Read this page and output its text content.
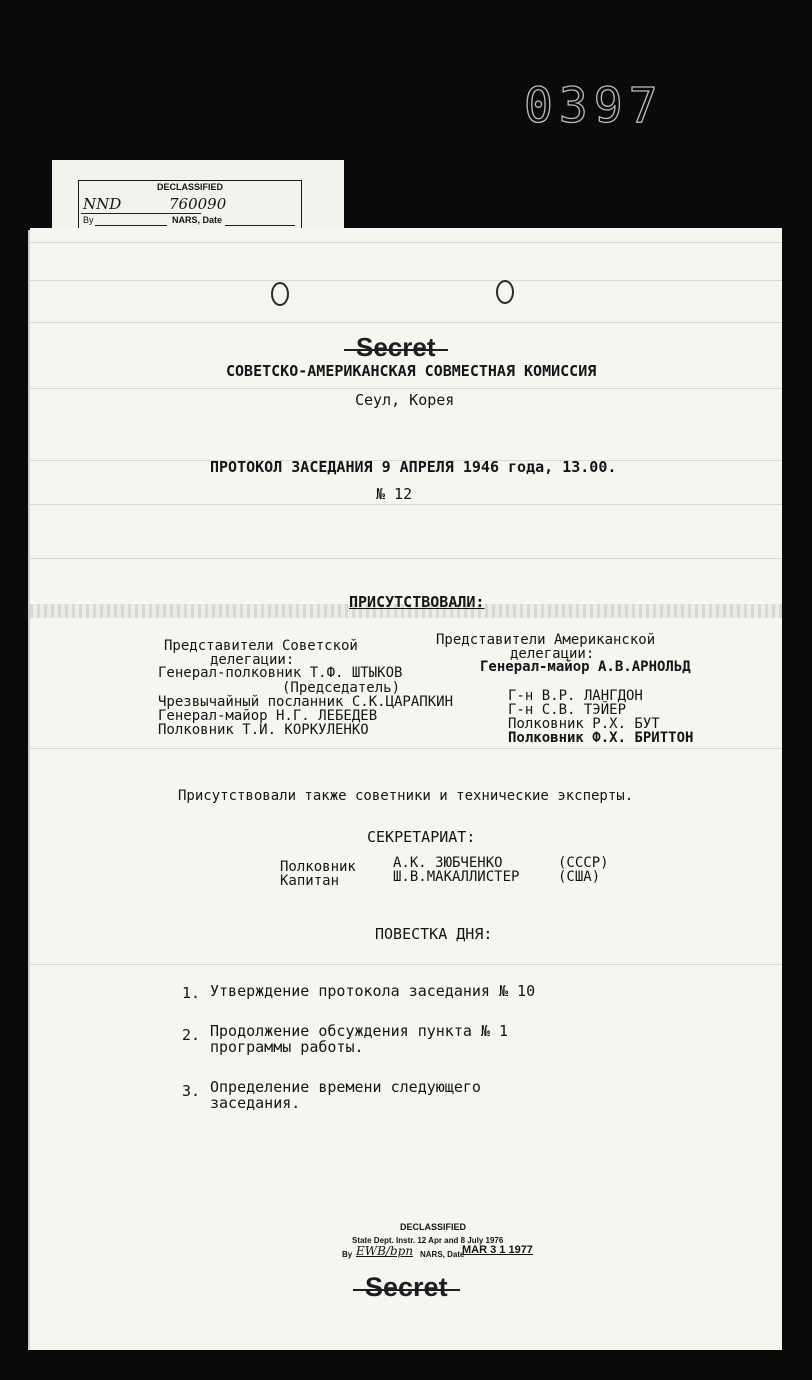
0397
DECLASSIFIED
NND	760090
By	NARS, Date
Secret
СОВЕТСКО-АМЕРИКАНСКАЯ СОВМЕСТНАЯ КОМИССИЯ
Сеул, Корея
ПРОТОКОЛ ЗАСЕДАНИЯ 9 АПРЕЛЯ 1946 года, 13.00.
№ 12
ПРИСУТСТВОВАЛИ:
Представители Советской
делегации:
Представители Американской
делегации:
Генерал-полковник Т.Ф. ШТЫКОВ
(Председатель)
Чрезвычайный посланник С.К.ЦАРАПКИН
Генерал-майор Н.Г. ЛЕБЕДЕВ
Полковник Т.И. КОРКУЛЕНКО
Генерал-майор А.В.АРНОЛЬД
Г-н В.Р. ЛАНГДОН
Г-н С.В. ТЭЙЕР
Полковник Р.Х. БУТ
Полковник Ф.Х. БРИТТОН
Присутствовали также советники и технические эксперты.
СЕКРЕТАРИАТ:
Полковник	А.К. ЗЮБЧЕНКО	(СССР)
Капитан	Ш.В.МАКАЛЛИСТЕР	(США)
ПОВЕСТКА ДНЯ:
1. Утверждение протокола заседания № 10
2. Продолжение обсуждения пункта № 1
программы работы.
3. Определение времени следующего
заседания.
DECLASSIFIED
State Dept. Instr. 12 Apr and 8 July 1976
By EWB/bpn NARS, Date
MAR 3 1 1977
Secret
